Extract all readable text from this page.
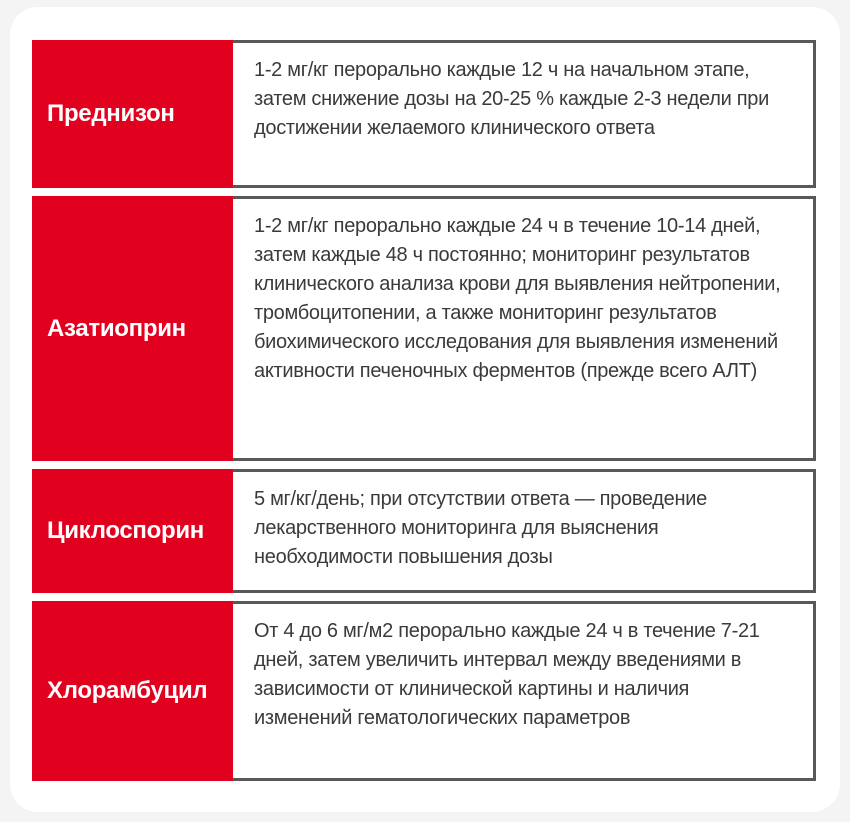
Преднизон
1-2 мг/кг перорально каждые 12 ч на начальном этапе, затем снижение дозы на 20-25 % каждые 2-3 недели при достижении желаемого клинического ответа
Азатиоприн
1-2 мг/кг перорально каждые 24 ч в течение 10-14 дней, затем каждые 48 ч постоянно; мониторинг результатов клинического анализа крови для выявления нейтропении, тромбоцитопении, а также мониторинг результатов биохимического исследования для выявления изменений активности печеночных ферментов (прежде всего АЛТ)
Циклоспорин
5 мг/кг/день; при отсутствии ответа — проведение лекарственного мониторинга для выяснения необходимости повышения дозы
Хлорамбуцил
От 4 до 6 мг/м2 перорально каждые 24 ч в течение 7-21 дней, затем увеличить интервал между введениями в зависимости от клинической картины и наличия изменений гематологических параметров
